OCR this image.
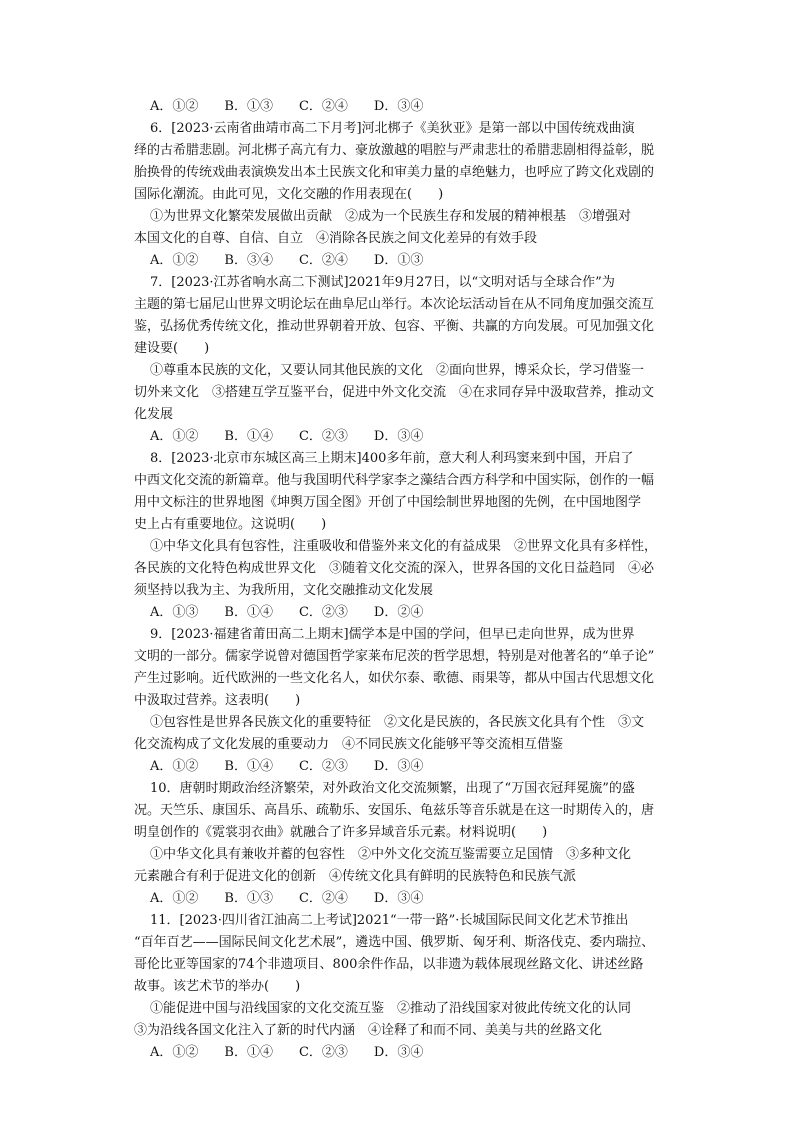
A．①② B．①③ C．②④ D．③④
6．[2023·云南省曲靖市高二下月考]河北梆子《美狄亚》是第一部以中国传统戏曲演
绎的古希腊悲剧。河北梆子高亢有力、豪放激越的唱腔与严肃悲壮的希腊悲剧相得益彰，脱
胎换骨的传统戏曲表演焕发出本土民族文化和审美力量的卓绝魅力，也呼应了跨文化戏剧的
国际化潮流。由此可见，文化交融的作用表现在(　　)
①为世界文化繁荣发展做出贡献　②成为一个民族生存和发展的精神根基　③增强对
本国文化的自尊、自信、自立　④消除各民族之间文化差异的有效手段
A．①② B．③④ C．②④ D．①③
7．[2023·江苏省响水高二下测试]2021年9月27日，以“文明对话与全球合作”为
主题的第七届尼山世界文明论坛在曲阜尼山举行。本次论坛活动旨在从不同角度加强交流互
鉴，弘扬优秀传统文化，推动世界朝着开放、包容、平衡、共赢的方向发展。可见加强文化
建设要(　　)
①尊重本民族的文化，又要认同其他民族的文化　②面向世界，博采众长，学习借鉴一
切外来文化　③搭建互学互鉴平台，促进中外文化交流　④在求同存异中汲取营养，推动文
化发展
A．①② B．①④ C．②③ D．③④
8．[2023·北京市东城区高三上期末]400多年前，意大利人利玛窦来到中国，开启了
中西文化交流的新篇章。他与我国明代科学家李之藻结合西方科学和中国实际，创作的一幅
用中文标注的世界地图《坤舆万国全图》开创了中国绘制世界地图的先例，在中国地图学
史上占有重要地位。这说明(　　)
①中华文化具有包容性，注重吸收和借鉴外来文化的有益成果　②世界文化具有多样性，
各民族的文化特色构成世界文化　③随着文化交流的深入，世界各国的文化日益趋同　④必
须坚持以我为主、为我所用，文化交融推动文化发展
A．①③ B．①④ C．②③ D．②④
9．[2023·福建省莆田高二上期末]儒学本是中国的学问，但早已走向世界，成为世界
文明的一部分。儒家学说曾对德国哲学家莱布尼茨的哲学思想，特别是对他著名的“单子论”
产生过影响。近代欧洲的一些文化名人，如伏尔泰、歌德、雨果等，都从中国古代思想文化
中汲取过营养。这表明(　　)
①包容性是世界各民族文化的重要特征　②文化是民族的，各民族文化具有个性　③文
化交流构成了文化发展的重要动力　④不同民族文化能够平等交流相互借鉴
A．①② B．①④ C．②③ D．③④
10．唐朝时期政治经济繁荣，对外政治文化交流频繁，出现了“万国衣冠拜冕旒”的盛
况。天竺乐、康国乐、高昌乐、疏勒乐、安国乐、龟兹乐等音乐就是在这一时期传入的，唐
明皇创作的《霓裳羽衣曲》就融合了许多异域音乐元素。材料说明(　　)
①中华文化具有兼收并蓄的包容性　②中外文化交流互鉴需要立足国情　③多种文化
元素融合有利于促进文化的创新　④传统文化具有鲜明的民族特色和民族气派
A．①② B．①③ C．②④ D．③④
11．[2023·四川省江油高二上考试]2021“一带一路”·长城国际民间文化艺术节推出
“百年百艺——国际民间文化艺术展”，遴选中国、俄罗斯、匈牙利、斯洛伐克、委内瑞拉、
哥伦比亚等国家的74个非遗项目、800余件作品，以非遗为载体展现丝路文化、讲述丝路
故事。该艺术节的举办(　　)
①能促进中国与沿线国家的文化交流互鉴　②推动了沿线国家对彼此传统文化的认同
③为沿线各国文化注入了新的时代内涵　④诠释了和而不同、美美与共的丝路文化
A．①② B．①④ C．②③ D．③④
